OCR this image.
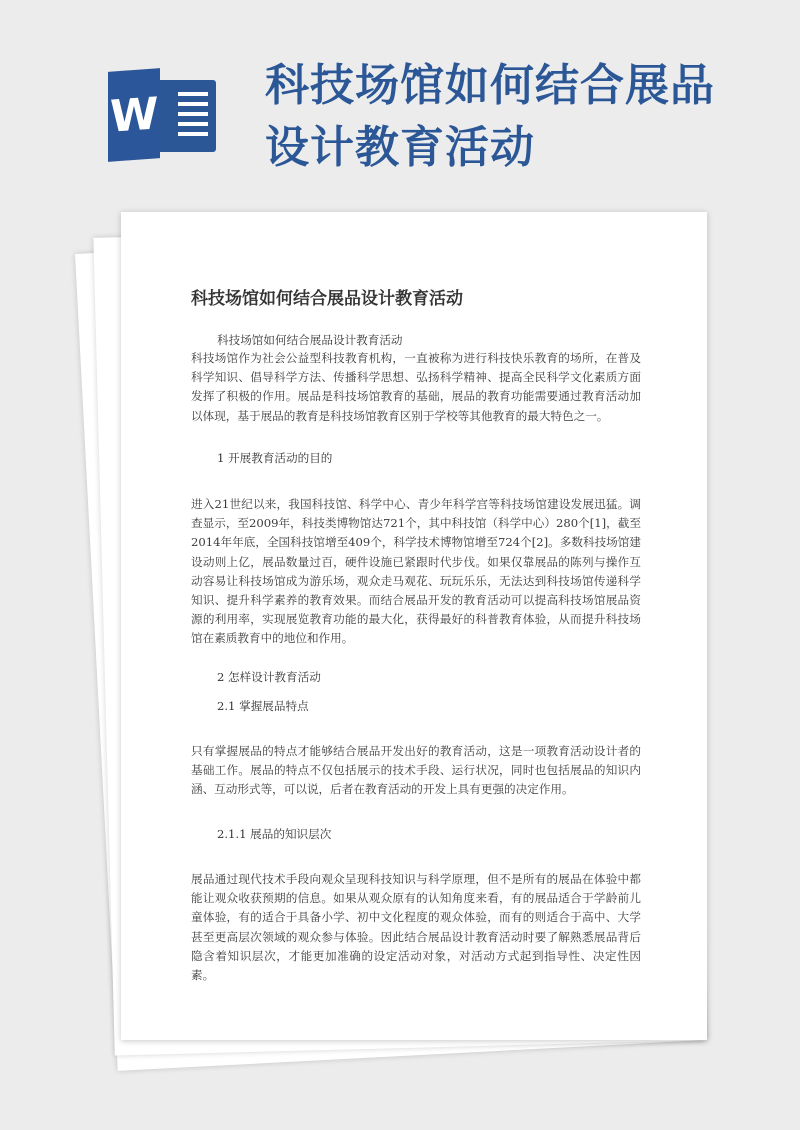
W
科技场馆如何结合展品
设计教育活动
科技场馆如何结合展品设计教育活动
科技场馆如何结合展品设计教育活动

科技场馆作为社会公益型科技教育机构，一直被称为进行科技快乐教育的场所，在普及科学知识、倡导科学方法、传播科学思想、弘扬科学精神、提高全民科学文化素质方面发挥了积极的作用。展品是科技场馆教育的基础，展品的教育功能需要通过教育活动加以体现，基于展品的教育是科技场馆教育区别于学校等其他教育的最大特色之一。

1 开展教育活动的目的

进入21世纪以来，我国科技馆、科学中心、青少年科学宫等科技场馆建设发展迅猛。调查显示，至2009年，科技类博物馆达721个，其中科技馆（科学中心）280个[1]，截至2014年年底，全国科技馆增至409个，科学技术博物馆增至724个[2]。多数科技场馆建设动则上亿，展品数量过百，硬件设施已紧跟时代步伐。如果仅靠展品的陈列与操作互动容易让科技场馆成为游乐场，观众走马观花、玩玩乐乐，无法达到科技场馆传递科学知识、提升科学素养的教育效果。而结合展品开发的教育活动可以提高科技场馆展品资源的利用率，实现展览教育功能的最大化，获得最好的科普教育体验，从而提升科技场馆在素质教育中的地位和作用。

2 怎样设计教育活动
2.1 掌握展品特点

只有掌握展品的特点才能够结合展品开发出好的教育活动，这是一项教育活动设计者的基础工作。展品的特点不仅包括展示的技术手段、运行状况，同时也包括展品的知识内涵、互动形式等，可以说，后者在教育活动的开发上具有更强的决定作用。

2.1.1 展品的知识层次

展品通过现代技术手段向观众呈现科技知识与科学原理，但不是所有的展品在体验中都能让观众收获预期的信息。如果从观众原有的认知角度来看，有的展品适合于学龄前儿童体验，有的适合于具备小学、初中文化程度的观众体验，而有的则适合于高中、大学甚至更高层次领域的观众参与体验。因此结合展品设计教育活动时要了解熟悉展品背后隐含着知识层次，才能更加准确的设定活动对象，对活动方式起到指导性、决定性因素。
